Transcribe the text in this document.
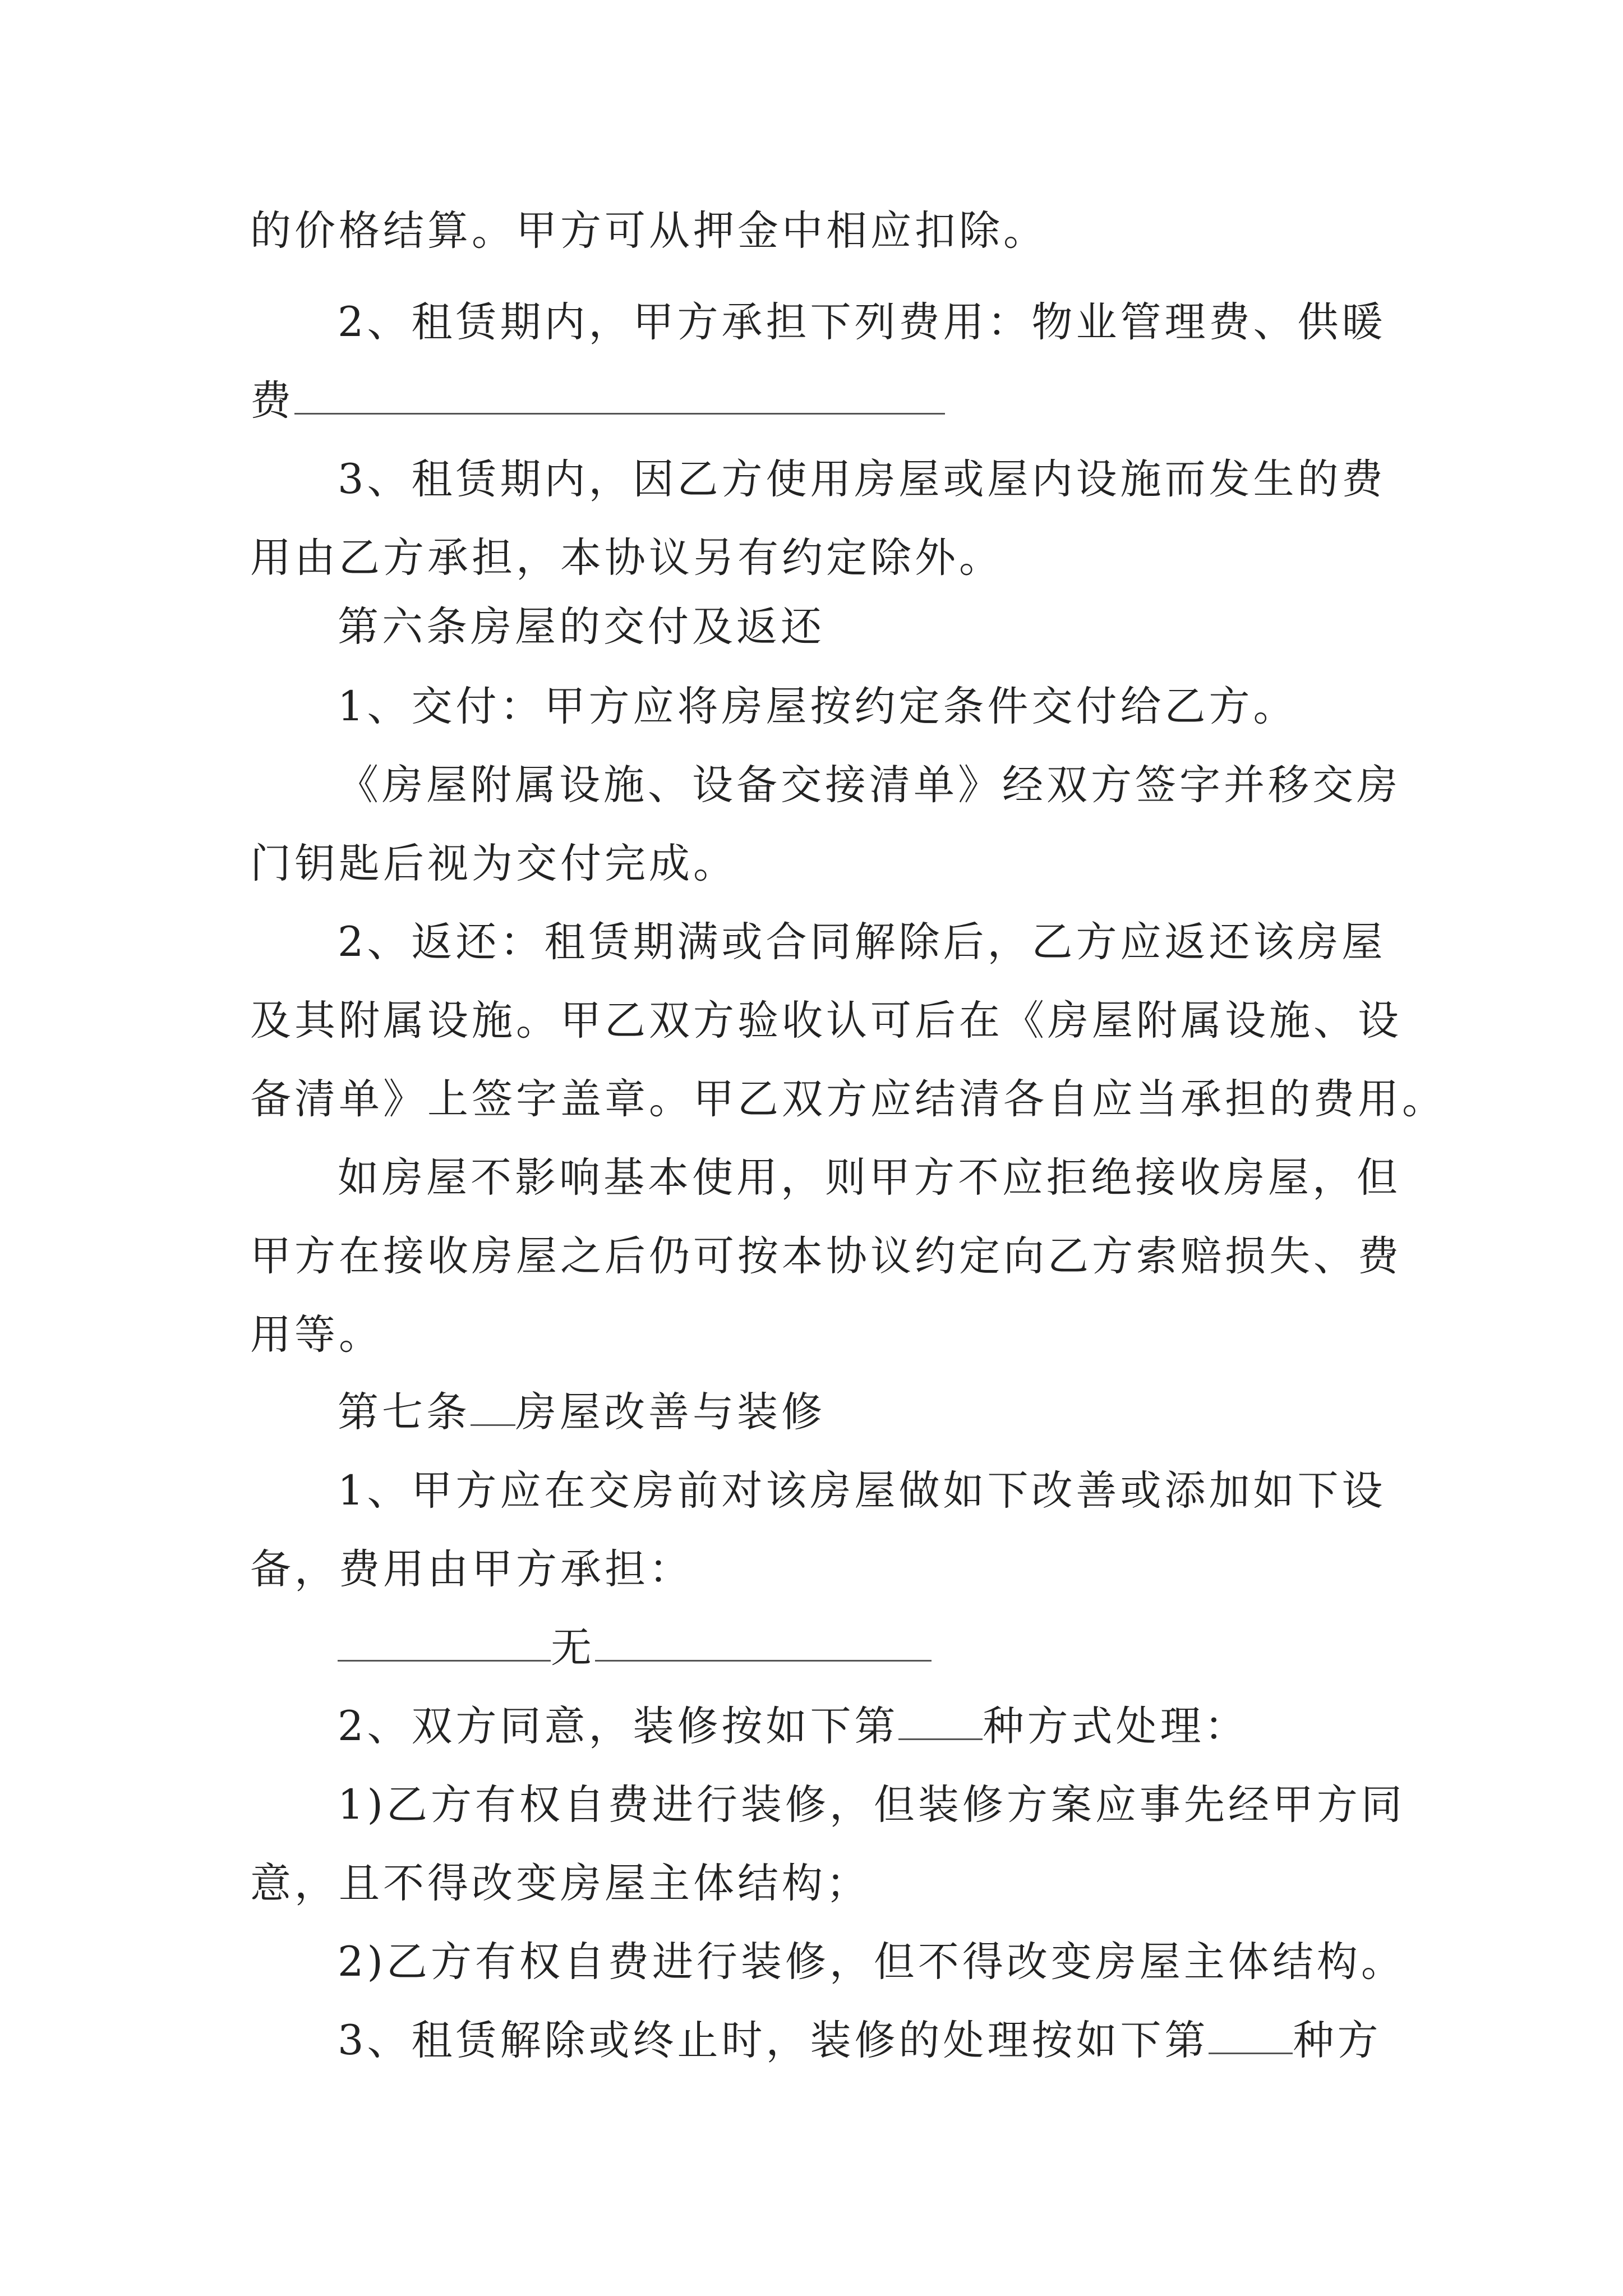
的价格结算。甲方可从押金中相应扣除。
2、租赁期内，甲方承担下列费用：物业管理费、供暖
费
3、租赁期内，因乙方使用房屋或屋内设施而发生的费
用由乙方承担，本协议另有约定除外。
第六条房屋的交付及返还
1、交付：甲方应将房屋按约定条件交付给乙方。
《房屋附属设施、设备交接清单》经双方签字并移交房
门钥匙后视为交付完成。
2、返还：租赁期满或合同解除后，乙方应返还该房屋
及其附属设施。甲乙双方验收认可后在《房屋附属设施、设
备清单》上签字盖章。甲乙双方应结清各自应当承担的费用。
如房屋不影响基本使用，则甲方不应拒绝接收房屋，但
甲方在接收房屋之后仍可按本协议约定向乙方索赔损失、费
用等。
第七条 房屋改善与装修
1、甲方应在交房前对该房屋做如下改善或添加如下设
备，费用由甲方承担：
无
2、双方同意，装修按如下第 种方式处理：
1)乙方有权自费进行装修，但装修方案应事先经甲方同
意，且不得改变房屋主体结构；
2)乙方有权自费进行装修，但不得改变房屋主体结构。
3、租赁解除或终止时，装修的处理按如下第 种方
